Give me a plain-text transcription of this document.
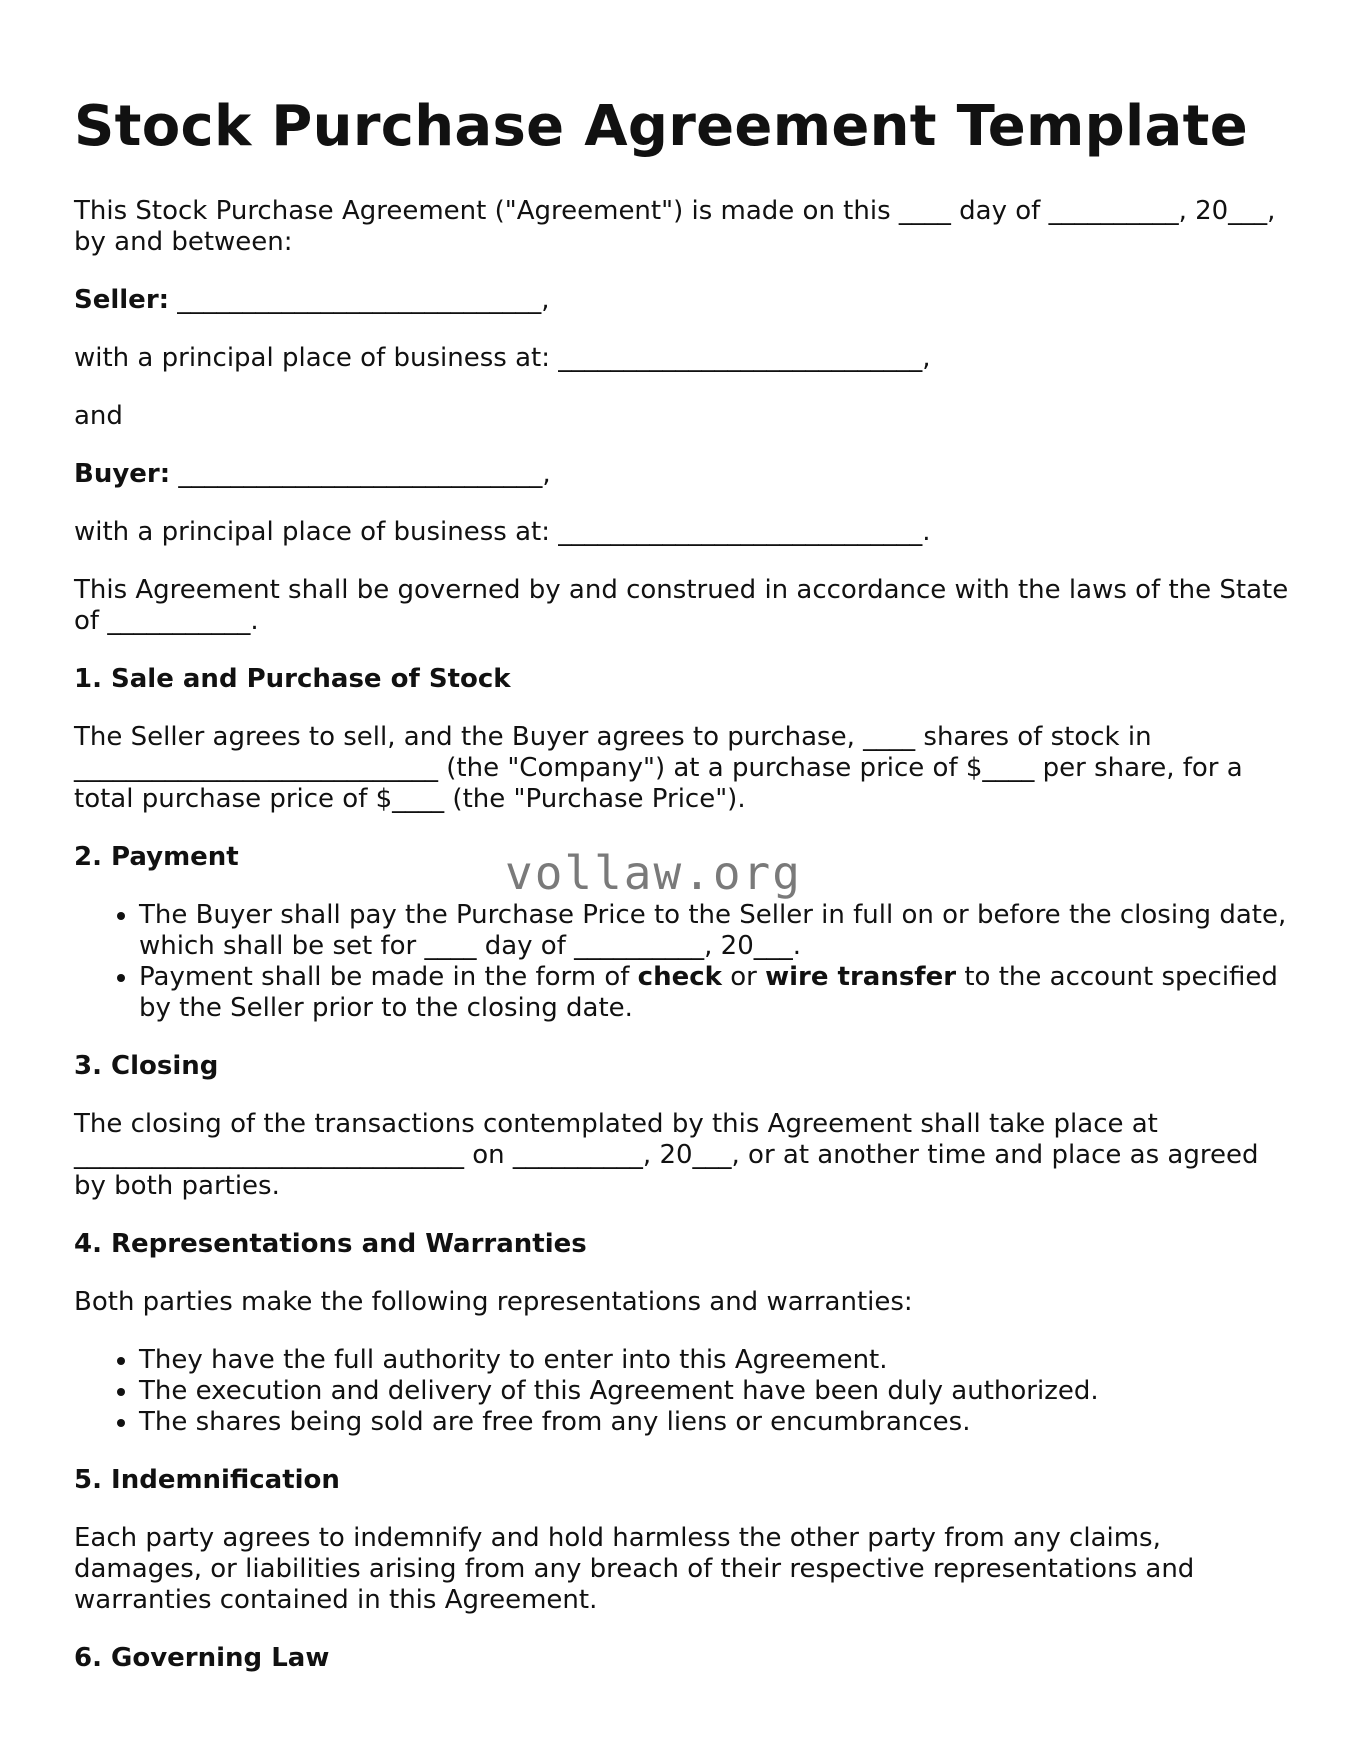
Stock Purchase Agreement Template

This Stock Purchase Agreement ("Agreement") is made on this ____ day of __________, 20___, by and between:

Seller: ____________________________,

with a principal place of business at: ____________________________,

and

Buyer: ____________________________,

with a principal place of business at: ____________________________.

This Agreement shall be governed by and construed in accordance with the laws of the State of ___________.

1. Sale and Purchase of Stock

The Seller agrees to sell, and the Buyer agrees to purchase, ____ shares of stock in ____________________________ (the "Company") at a purchase price of $____ per share, for a total purchase price of $____ (the "Purchase Price").

2. Payment
• The Buyer shall pay the Purchase Price to the Seller in full on or before the closing date, which shall be set for ____ day of __________, 20___.
• Payment shall be made in the form of check or wire transfer to the account specified by the Seller prior to the closing date.
3. Closing

The closing of the transactions contemplated by this Agreement shall take place at ______________________________ on __________, 20___, or at another time and place as agreed by both parties.

4. Representations and Warranties

Both parties make the following representations and warranties:

• They have the full authority to enter into this Agreement.
• The execution and delivery of this Agreement have been duly authorized.
• The shares being sold are free from any liens or encumbrances.
5. Indemnification

Each party agrees to indemnify and hold harmless the other party from any claims, damages, or liabilities arising from any breach of their respective representations and warranties contained in this Agreement.

6. Governing Law
vollaw.org
